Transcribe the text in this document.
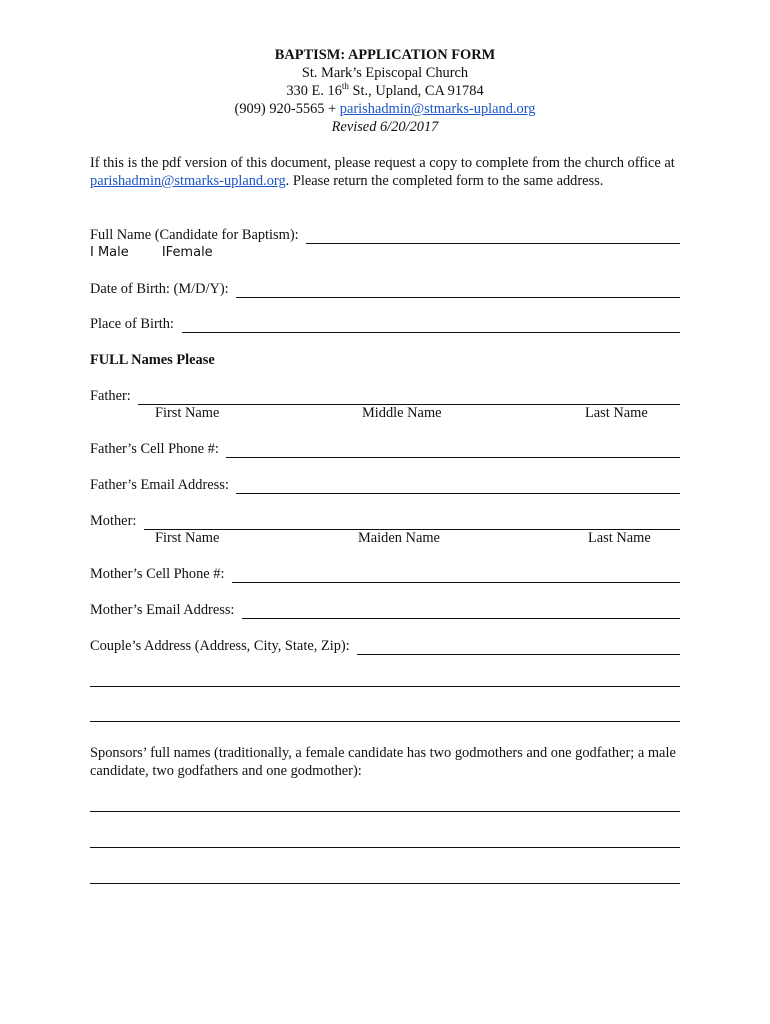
BAPTISM: APPLICATION FORM
St. Mark’s Episcopal Church
330 E. 16th St., Upland, CA 91784
(909) 920-5565 + parishadmin@stmarks-upland.org
Revised 6/20/2017
If this is the pdf version of this document, please request a copy to complete from the church office at parishadmin@stmarks-upland.org. Please return the completed form to the same address.
Full Name (Candidate for Baptism):
I Male        IFemale
Date of Birth: (M/D/Y):
Place of Birth:
FULL Names Please
Father:
First Name	Middle Name	Last Name
Father’s Cell Phone #:
Father’s Email Address:
Mother:
First Name	Maiden Name	Last Name
Mother’s Cell Phone #:
Mother’s Email Address:
Couple’s Address (Address, City, State, Zip):
Sponsors’ full names (traditionally, a female candidate has two godmothers and one godfather; a male candidate, two godfathers and one godmother):
